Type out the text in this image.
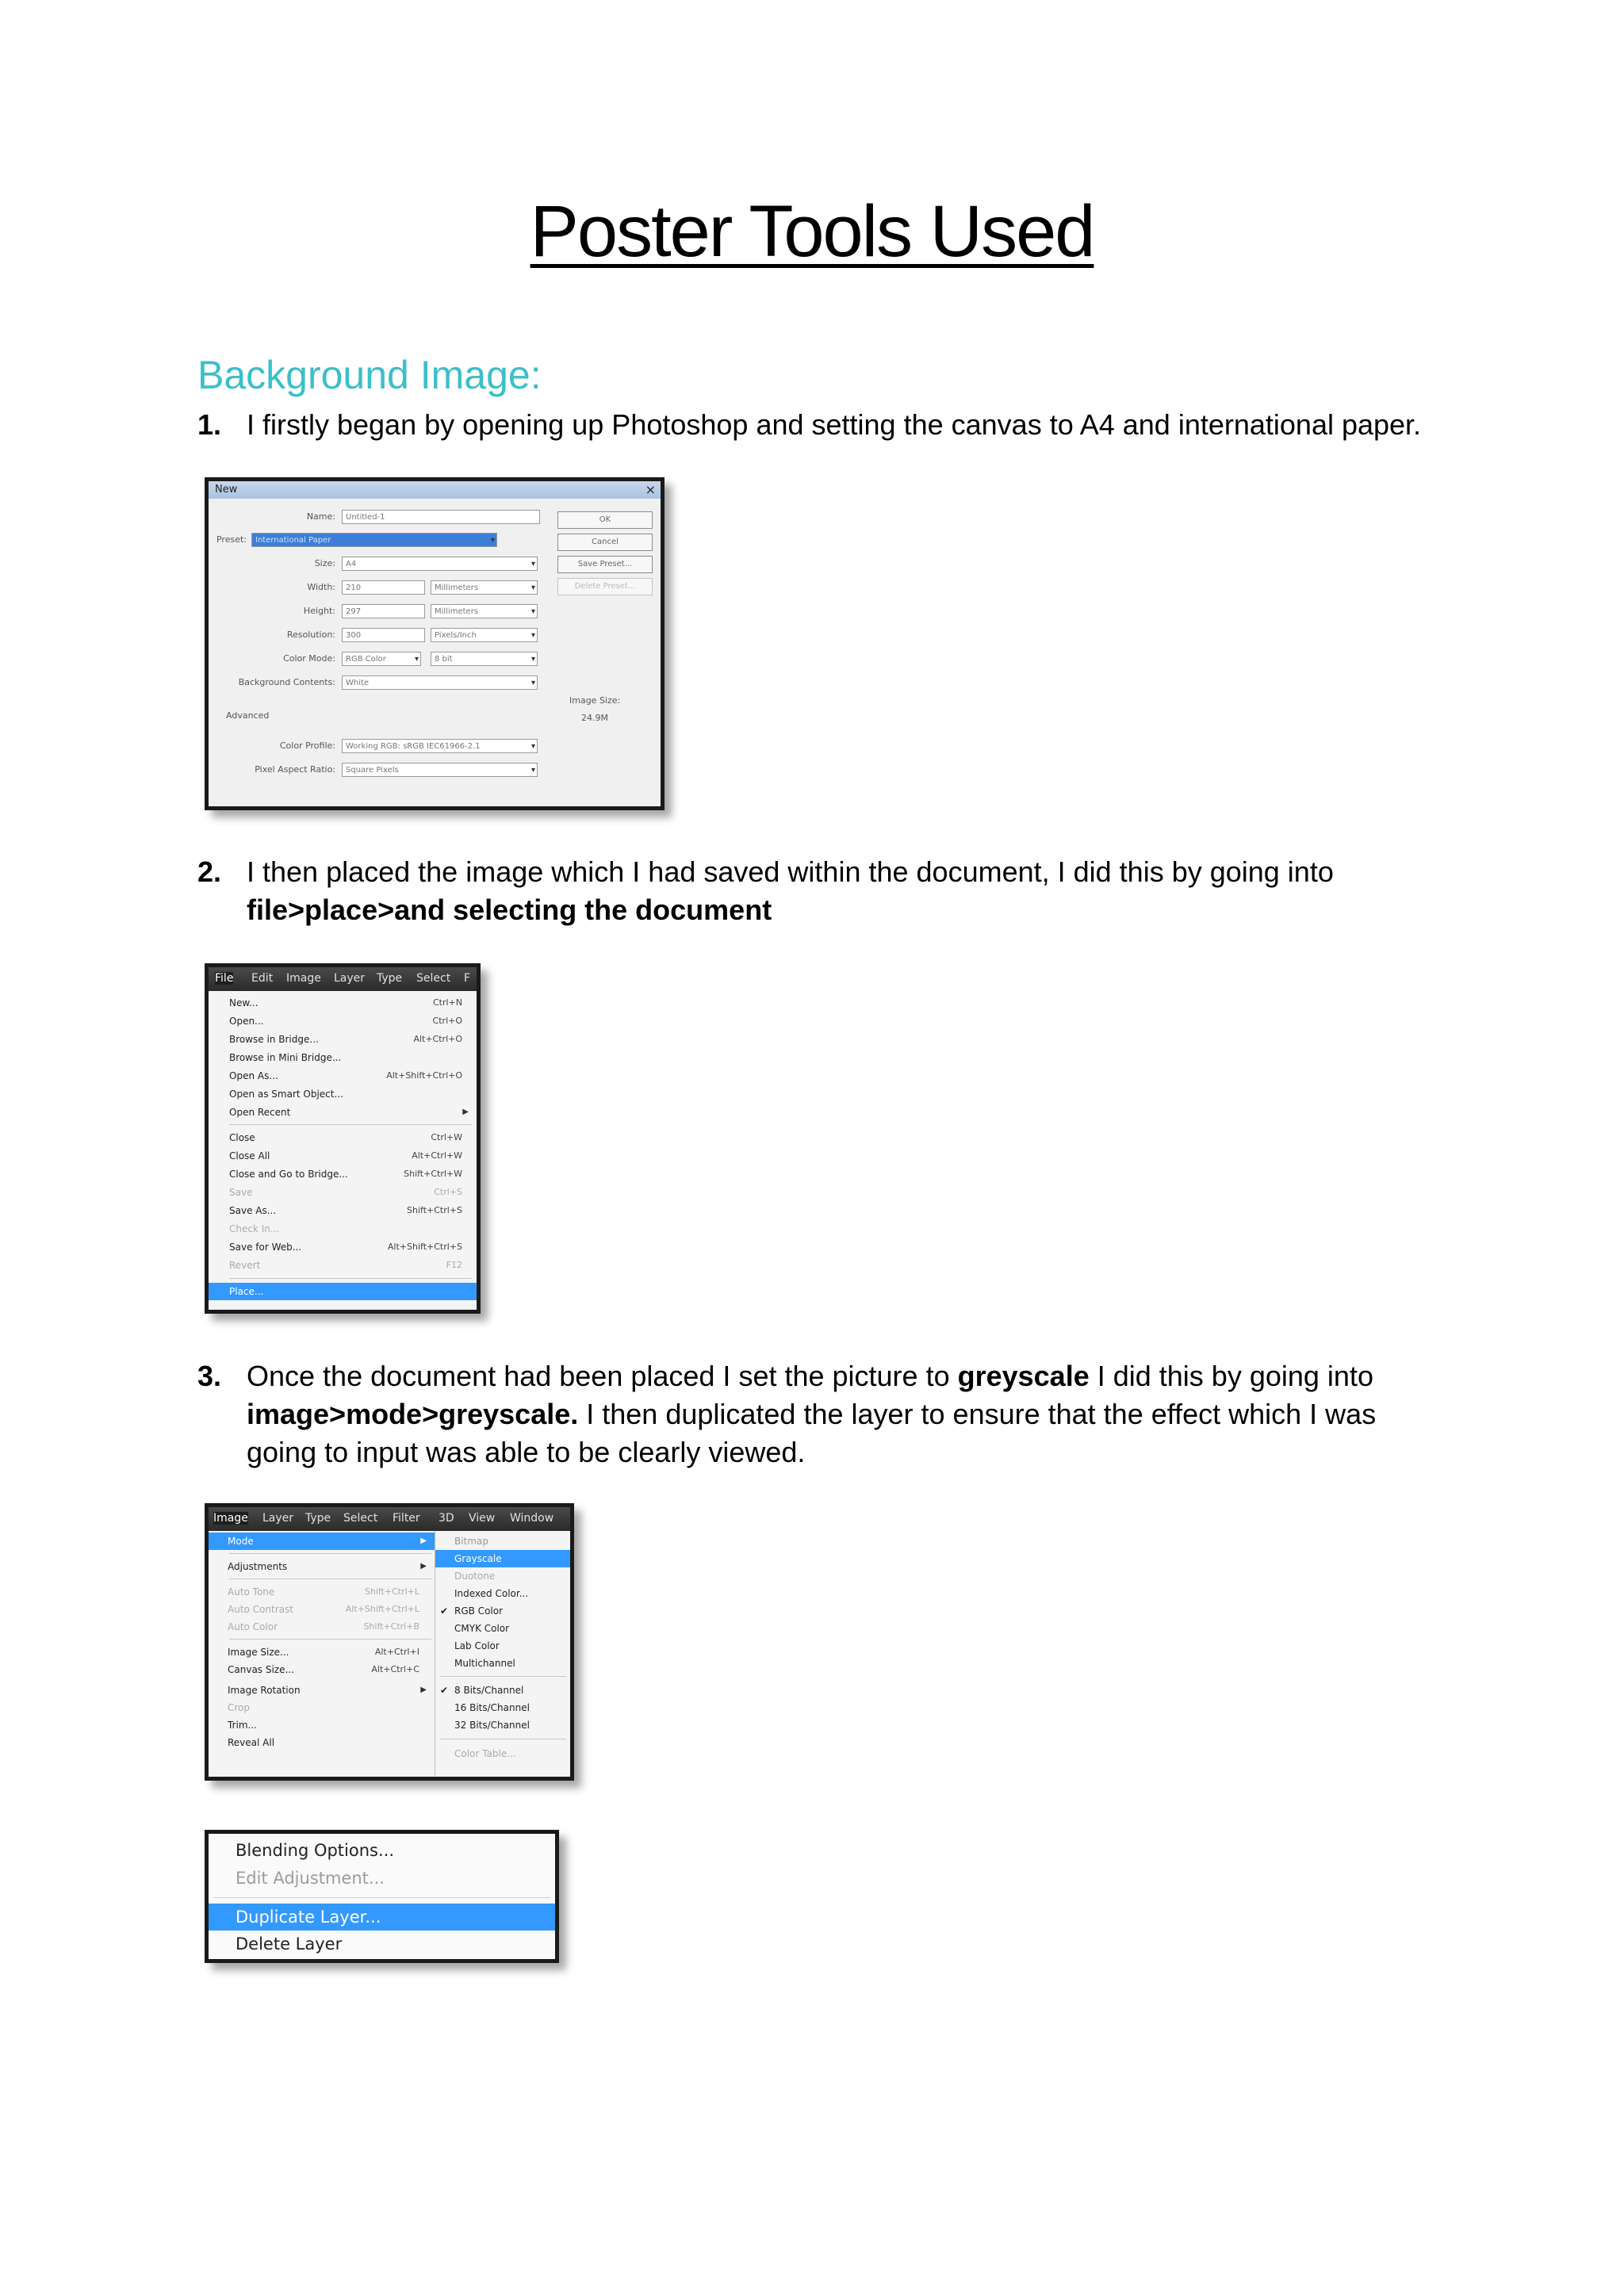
Poster Tools Used
Background Image:
1. I firstly began by opening up Photoshop and setting the canvas to A4 and international paper.
New	×
Name:	Untitled-1
Preset:	International Paper ▾
Size:	A4 ▾
Width:	210	Millimeters ▾
Height:	297	Millimeters ▾
Resolution:	300	Pixels/Inch ▾
Color Mode:	RGB Color ▾	8 bit ▾
Background Contents:	White ▾
Advanced
Color Profile:	Working RGB: sRGB IEC61966-2.1 ▾
Pixel Aspect Ratio:	Square Pixels ▾
OK
Cancel
Save Preset...
Delete Preset...
Image Size:
24.9M
2. I then placed the image which I had saved within the document, I did this by going into file>place>and selecting the document
File Edit Image Layer Type Select F
New...	Ctrl+N
Open...	Ctrl+O
Browse in Bridge...	Alt+Ctrl+O
Browse in Mini Bridge...
Open As...	Alt+Shift+Ctrl+O
Open as Smart Object...
Open Recent	▶
Close	Ctrl+W
Close All	Alt+Ctrl+W
Close and Go to Bridge...	Shift+Ctrl+W
Save	Ctrl+S
Save As...	Shift+Ctrl+S
Check In...
Save for Web...	Alt+Shift+Ctrl+S
Revert	F12
Place...
3. Once the document had been placed I set the picture to greyscale I did this by going into image>mode>greyscale. I then duplicated the layer to ensure that the effect which I was going to input was able to be clearly viewed.
Image Layer Type Select Filter 3D View Window
Mode	▶
Adjustments	▶
Auto Tone	Shift+Ctrl+L
Auto Contrast	Alt+Shift+Ctrl+L
Auto Color	Shift+Ctrl+B
Image Size...	Alt+Ctrl+I
Canvas Size...	Alt+Ctrl+C
Image Rotation	▶
Crop
Trim...
Reveal All
Bitmap
Grayscale
Duotone
Indexed Color...
✔ RGB Color
CMYK Color
Lab Color
Multichannel
✔ 8 Bits/Channel
16 Bits/Channel
32 Bits/Channel
Color Table...
Blending Options...
Edit Adjustment...
Duplicate Layer...
Delete Layer
